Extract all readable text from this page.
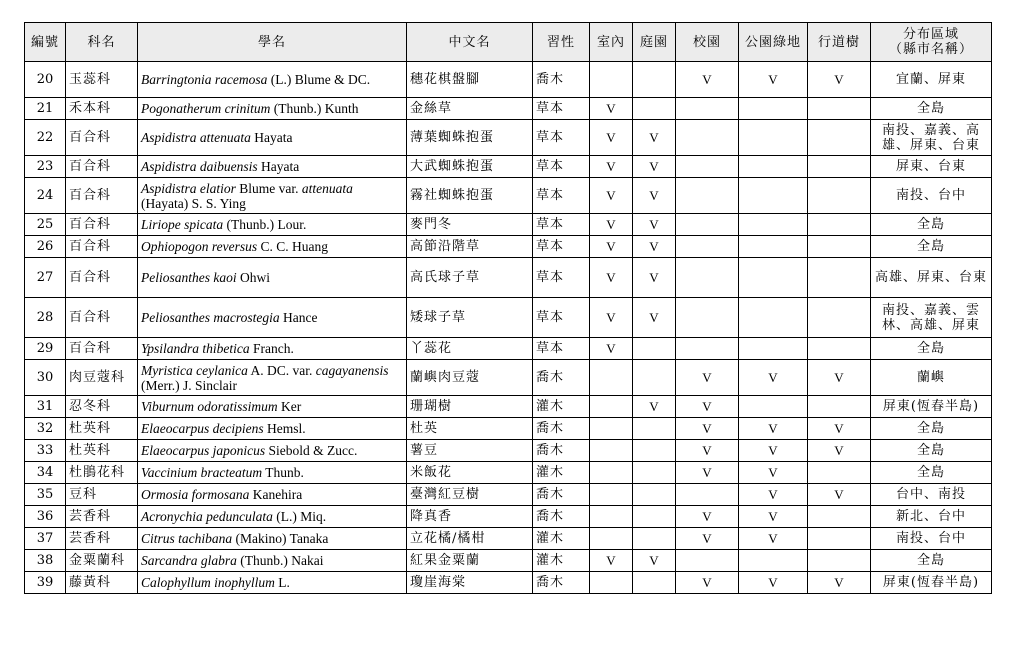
編號	科名	學名	中文名	習性	室內	庭園	校園	公園綠地	行道樹	分布區域
（縣市名稱）

20	玉蕊科	Barringtonia racemosa (L.) Blume & DC.	穗花棋盤腳	喬木			V	V	V	宜蘭、屏東
21	禾本科	Pogonatherum crinitum (Thunb.) Kunth	金絲草	草本	V					全島
22	百合科	Aspidistra attenuata Hayata	薄葉蜘蛛抱蛋	草本	V	V				南投、嘉義、高雄、屏東、台東
23	百合科	Aspidistra daibuensis Hayata	大武蜘蛛抱蛋	草本	V	V				屏東、台東
24	百合科	Aspidistra elatior Blume var. attenuata (Hayata) S. S. Ying	霧社蜘蛛抱蛋	草本	V	V				南投、台中
25	百合科	Liriope spicata (Thunb.) Lour.	麥門冬	草本	V	V				全島
26	百合科	Ophiopogon reversus C. C. Huang	高節沿階草	草本	V	V				全島
27	百合科	Peliosanthes kaoi Ohwi	高氏球子草	草本	V	V				高雄、屏東、台東
28	百合科	Peliosanthes macrostegia Hance	矮球子草	草本	V	V				南投、嘉義、雲林、高雄、屏東
29	百合科	Ypsilandra thibetica Franch.	丫蕊花	草本	V					全島
30	肉豆蔻科	Myristica ceylanica A. DC. var. cagayanensis (Merr.) J. Sinclair	蘭嶼肉豆蔻	喬木			V	V	V	蘭嶼
31	忍冬科	Viburnum odoratissimum Ker	珊瑚樹	灌木		V	V			屏東(恆春半島)
32	杜英科	Elaeocarpus decipiens Hemsl.	杜英	喬木			V	V	V	全島
33	杜英科	Elaeocarpus japonicus Siebold & Zucc.	薯豆	喬木			V	V	V	全島
34	杜鵑花科	Vaccinium bracteatum Thunb.	米飯花	灌木			V	V		全島
35	豆科	Ormosia formosana Kanehira	臺灣紅豆樹	喬木				V	V	台中、南投
36	芸香科	Acronychia pedunculata (L.) Miq.	降真香	喬木			V	V		新北、台中
37	芸香科	Citrus tachibana (Makino) Tanaka	立花橘/橘柑	灌木			V	V		南投、台中
38	金粟蘭科	Sarcandra glabra (Thunb.) Nakai	紅果金粟蘭	灌木	V	V				全島
39	藤黃科	Calophyllum inophyllum L.	瓊崖海棠	喬木			V	V	V	屏東(恆春半島)
